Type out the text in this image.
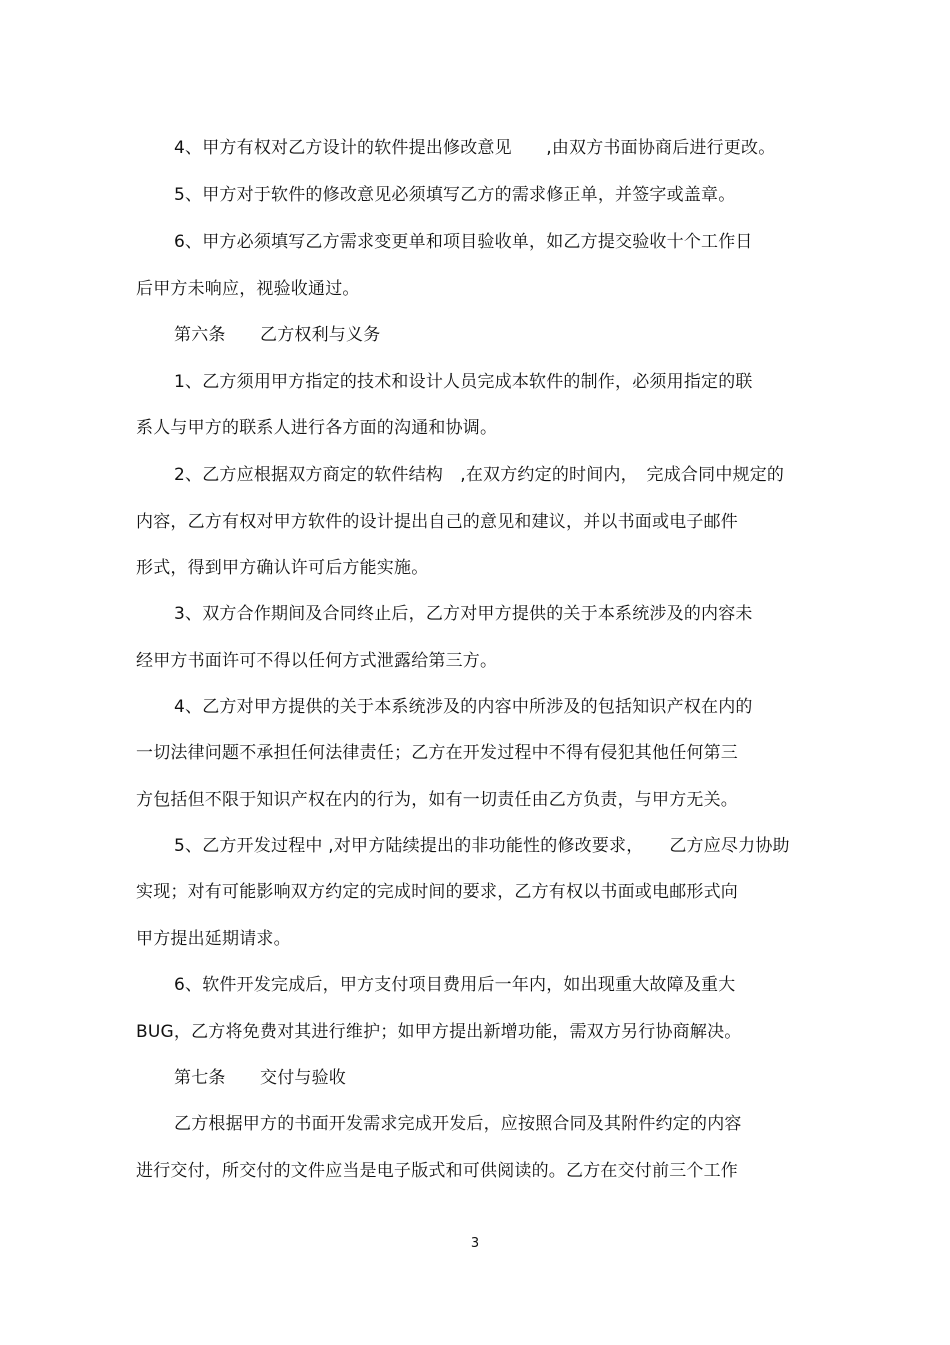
4、甲方有权对乙方设计的软件提出修改意见　　,由双方书面协商后进行更改。
5、甲方对于软件的修改意见必须填写乙方的需求修正单，并签字或盖章。
6、甲方必须填写乙方需求变更单和项目验收单，如乙方提交验收十个工作日
后甲方未响应，视验收通过。
第六条　　乙方权利与义务
1、乙方须用甲方指定的技术和设计人员完成本软件的制作，必须用指定的联
系人与甲方的联系人进行各方面的沟通和协调。
2、乙方应根据双方商定的软件结构　,在双方约定的时间内，　完成合同中规定的
内容，乙方有权对甲方软件的设计提出自己的意见和建议，并以书面或电子邮件
形式，得到甲方确认许可后方能实施。
3、双方合作期间及合同终止后，乙方对甲方提供的关于本系统涉及的内容未
经甲方书面许可不得以任何方式泄露给第三方。
4、乙方对甲方提供的关于本系统涉及的内容中所涉及的包括知识产权在内的
一切法律问题不承担任何法律责任；乙方在开发过程中不得有侵犯其他任何第三
方包括但不限于知识产权在内的行为，如有一切责任由乙方负责，与甲方无关。
5、乙方开发过程中 ,对甲方陆续提出的非功能性的修改要求，　　乙方应尽力协助
实现；对有可能影响双方约定的完成时间的要求，乙方有权以书面或电邮形式向
甲方提出延期请求。
6、软件开发完成后，甲方支付项目费用后一年内，如出现重大故障及重大
BUG，乙方将免费对其进行维护；如甲方提出新增功能，需双方另行协商解决。
第七条　　交付与验收
乙方根据甲方的书面开发需求完成开发后，应按照合同及其附件约定的内容
进行交付，所交付的文件应当是电子版式和可供阅读的。乙方在交付前三个工作
3
